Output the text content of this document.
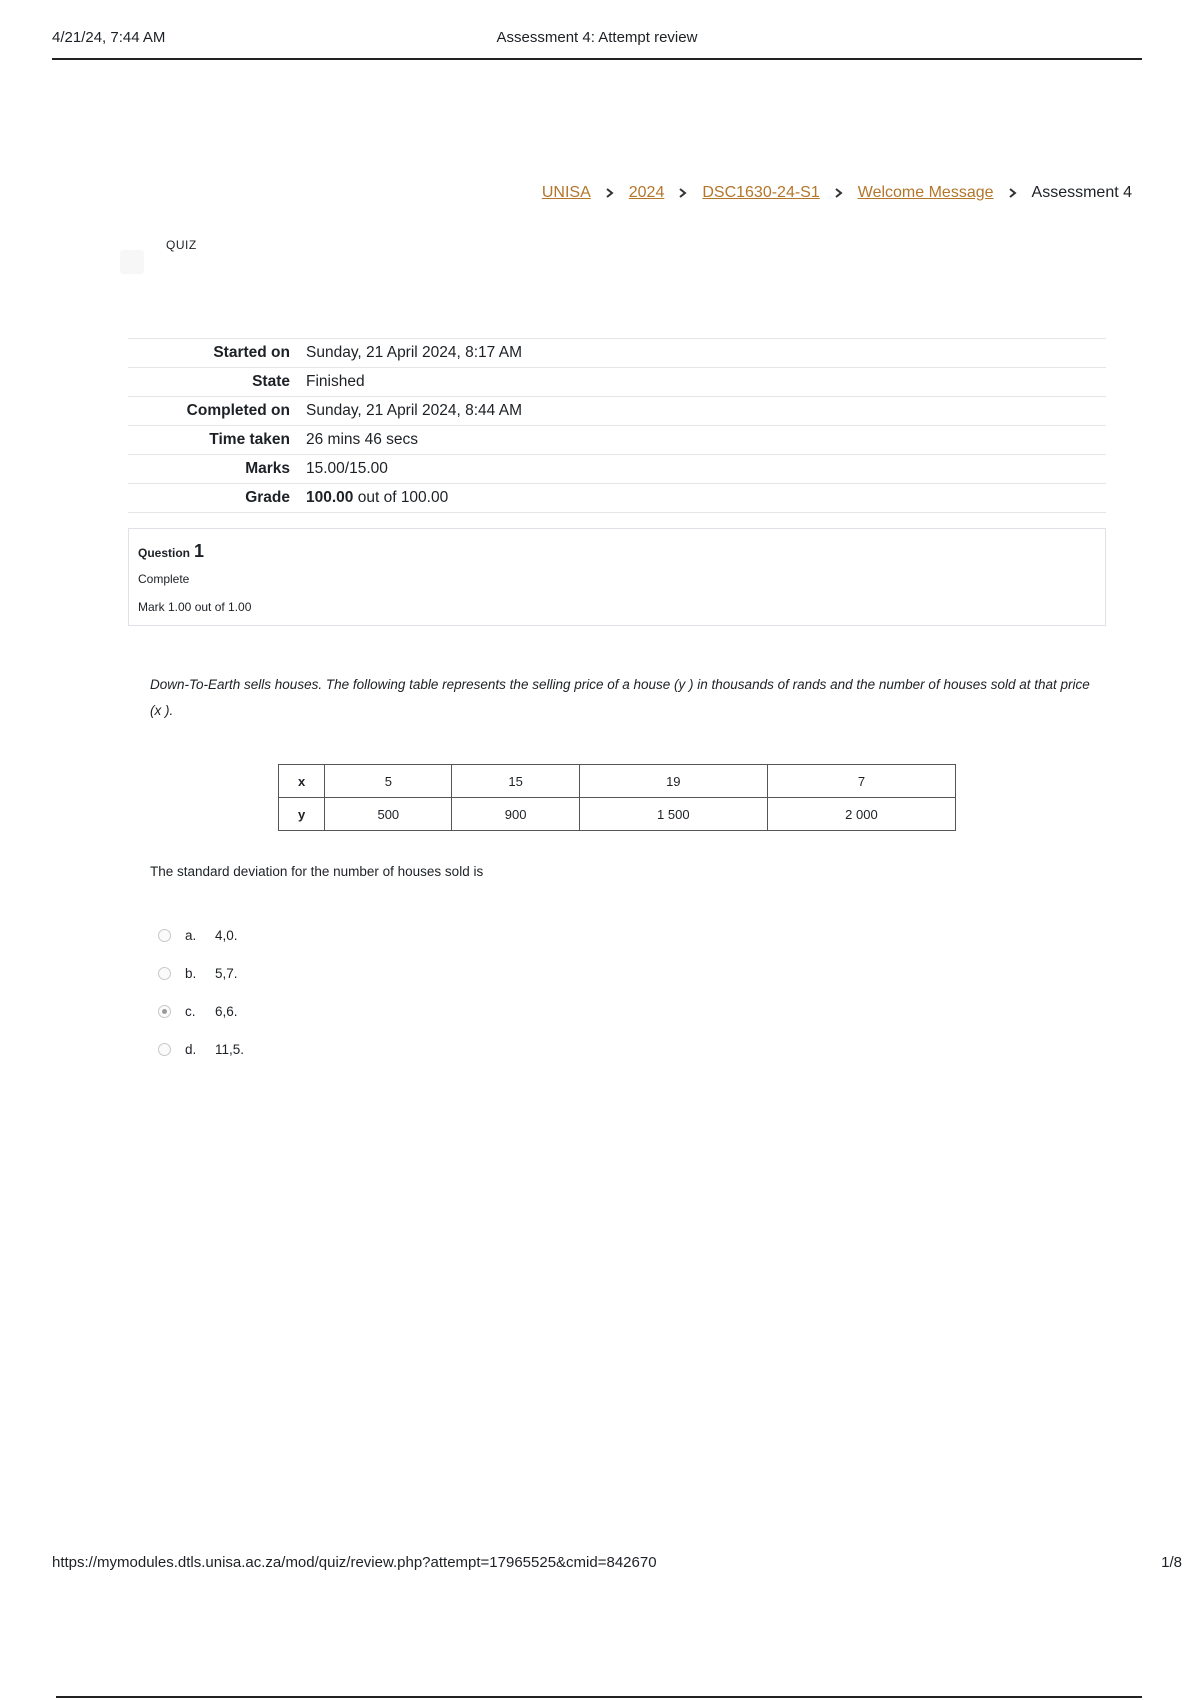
4/21/24, 7:44 AM	Assessment 4: Attempt review
UNISA 2024 DSC1630-24-S1 Welcome Message Assessment 4
QUIZ
Started on	Sunday, 21 April 2024, 8:17 AM
State	Finished
Completed on	Sunday, 21 April 2024, 8:44 AM
Time taken	26 mins 46 secs
Marks	15.00/15.00
Grade	100.00 out of 100.00
Question 1
Complete
Mark 1.00 out of 1.00
Down-To-Earth sells houses. The following table represents the selling price of a house (y ) in thousands of rands and the number of houses sold at that price (x ).
x	5	15	19	7
y	500	900	1 500	2 000
The standard deviation for the number of houses sold is
a.	4,0.
b.	5,7.
c.	6,6.
d.	11,5.
https://mymodules.dtls.unisa.ac.za/mod/quiz/review.php?attempt=17965525&cmid=842670	1/8
